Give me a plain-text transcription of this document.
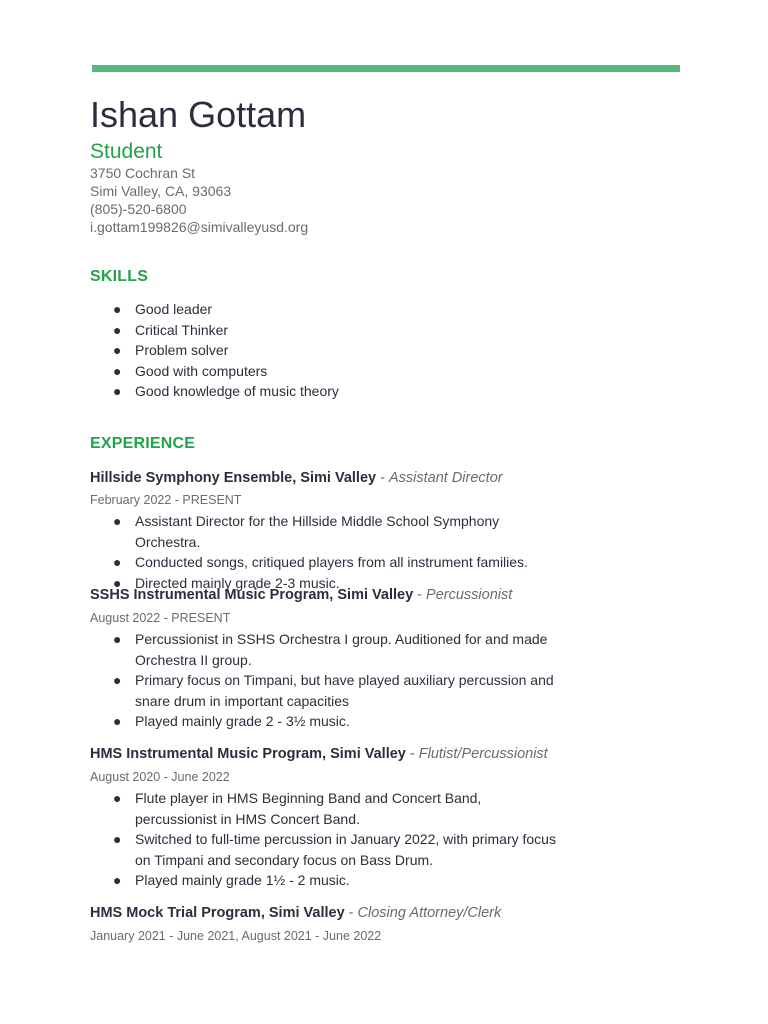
Ishan Gottam
Student
3750 Cochran St
Simi Valley, CA, 93063
(805)-520-6800
i.gottam199826@simivalleyusd.org
SKILLS
● Good leader
● Critical Thinker
● Problem solver
● Good with computers
● Good knowledge of music theory
EXPERIENCE
Hillside Symphony Ensemble, Simi Valley - Assistant Director
February 2022 - PRESENT
● Assistant Director for the Hillside Middle School Symphony Orchestra.
● Conducted songs, critiqued players from all instrument families.
● Directed mainly grade 2-3 music.
SSHS Instrumental Music Program, Simi Valley - Percussionist
August 2022 - PRESENT
● Percussionist in SSHS Orchestra I group. Auditioned for and made Orchestra II group.
● Primary focus on Timpani, but have played auxiliary percussion and snare drum in important capacities
● Played mainly grade 2 - 3½ music.
HMS Instrumental Music Program, Simi Valley - Flutist/Percussionist
August 2020 - June 2022
● Flute player in HMS Beginning Band and Concert Band, percussionist in HMS Concert Band.
● Switched to full-time percussion in January 2022, with primary focus on Timpani and secondary focus on Bass Drum.
● Played mainly grade 1½ - 2 music.
HMS Mock Trial Program, Simi Valley - Closing Attorney/Clerk
January 2021 - June 2021, August 2021 - June 2022
